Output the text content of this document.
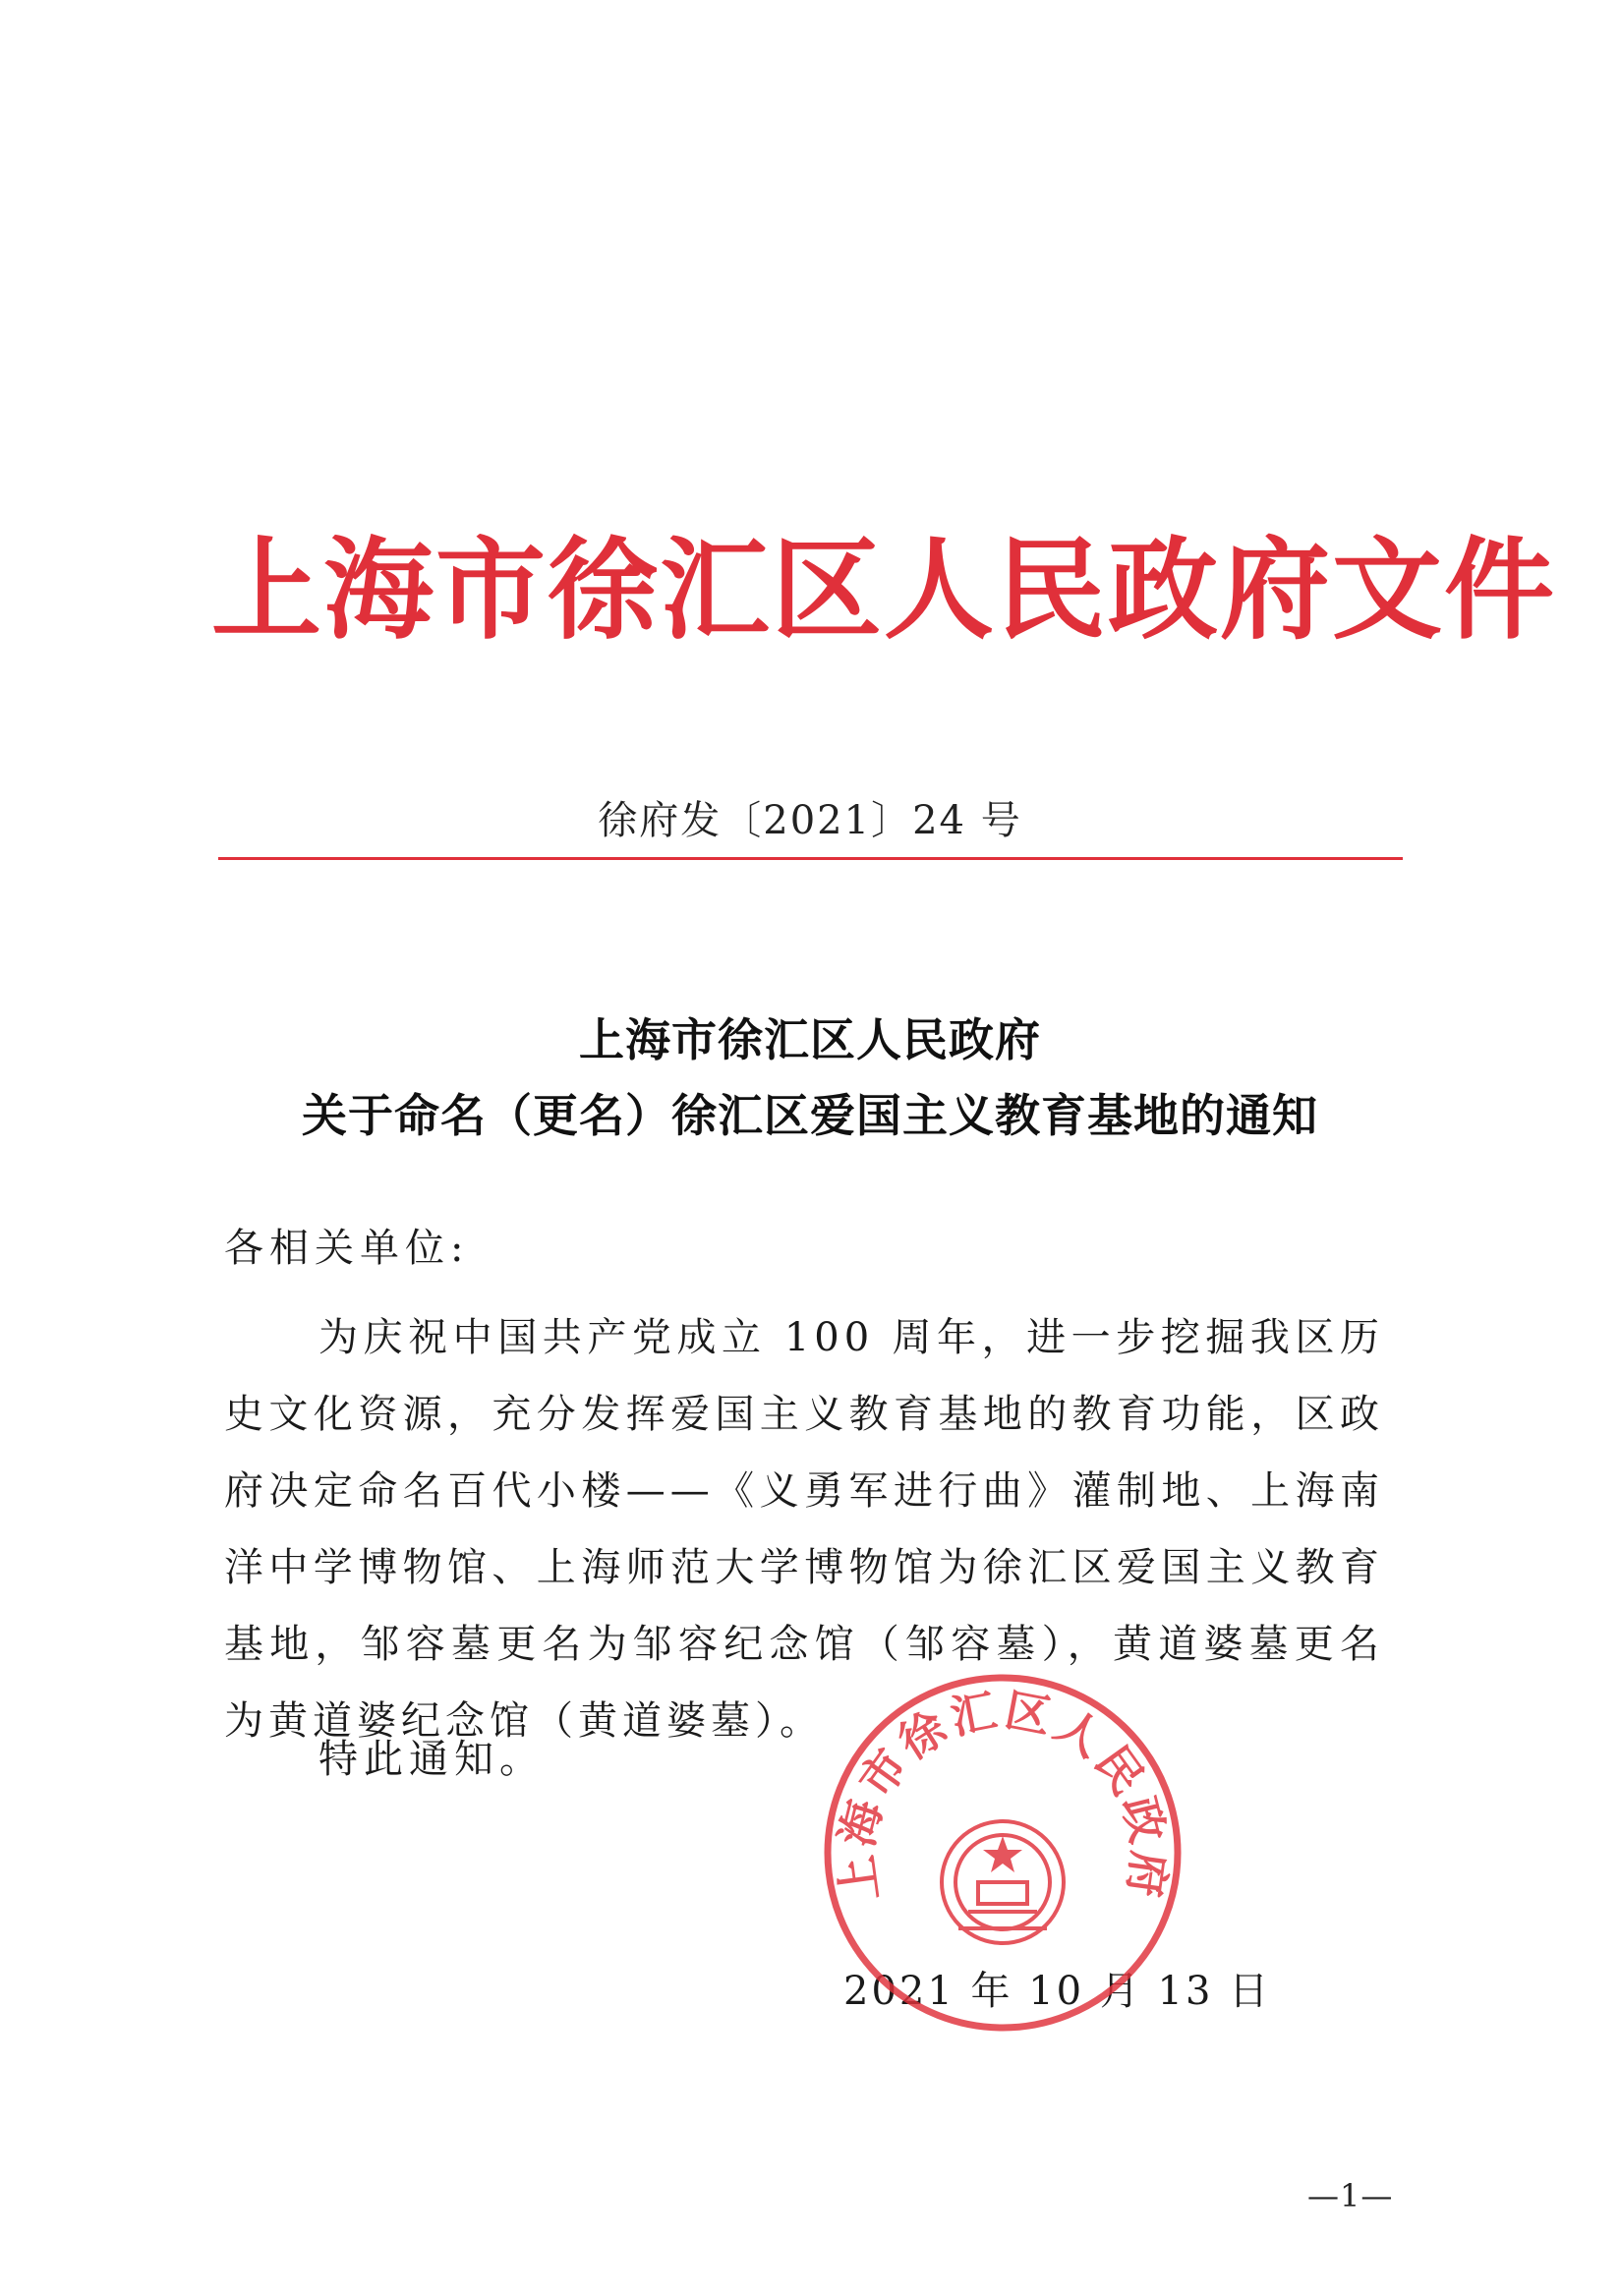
上海市徐汇区人民政府文件
徐府发〔2021〕24 号
上海市徐汇区人民政府
关于命名（更名）徐汇区爱国主义教育基地的通知
各相关单位:

为庆祝中国共产党成立 100 周年，进一步挖掘我区历史文化资源，充分发挥爱国主义教育基地的教育功能，区政府决定命名百代小楼——《义勇军进行曲》灌制地、上海南洋中学博物馆、上海师范大学博物馆为徐汇区爱国主义教育基地，邹容墓更名为邹容纪念馆（邹容墓），黄道婆墓更名为黄道婆纪念馆（黄道婆墓）。

特此通知。
2021 年 10 月 13 日
上海市徐汇区人民政府
—1—
